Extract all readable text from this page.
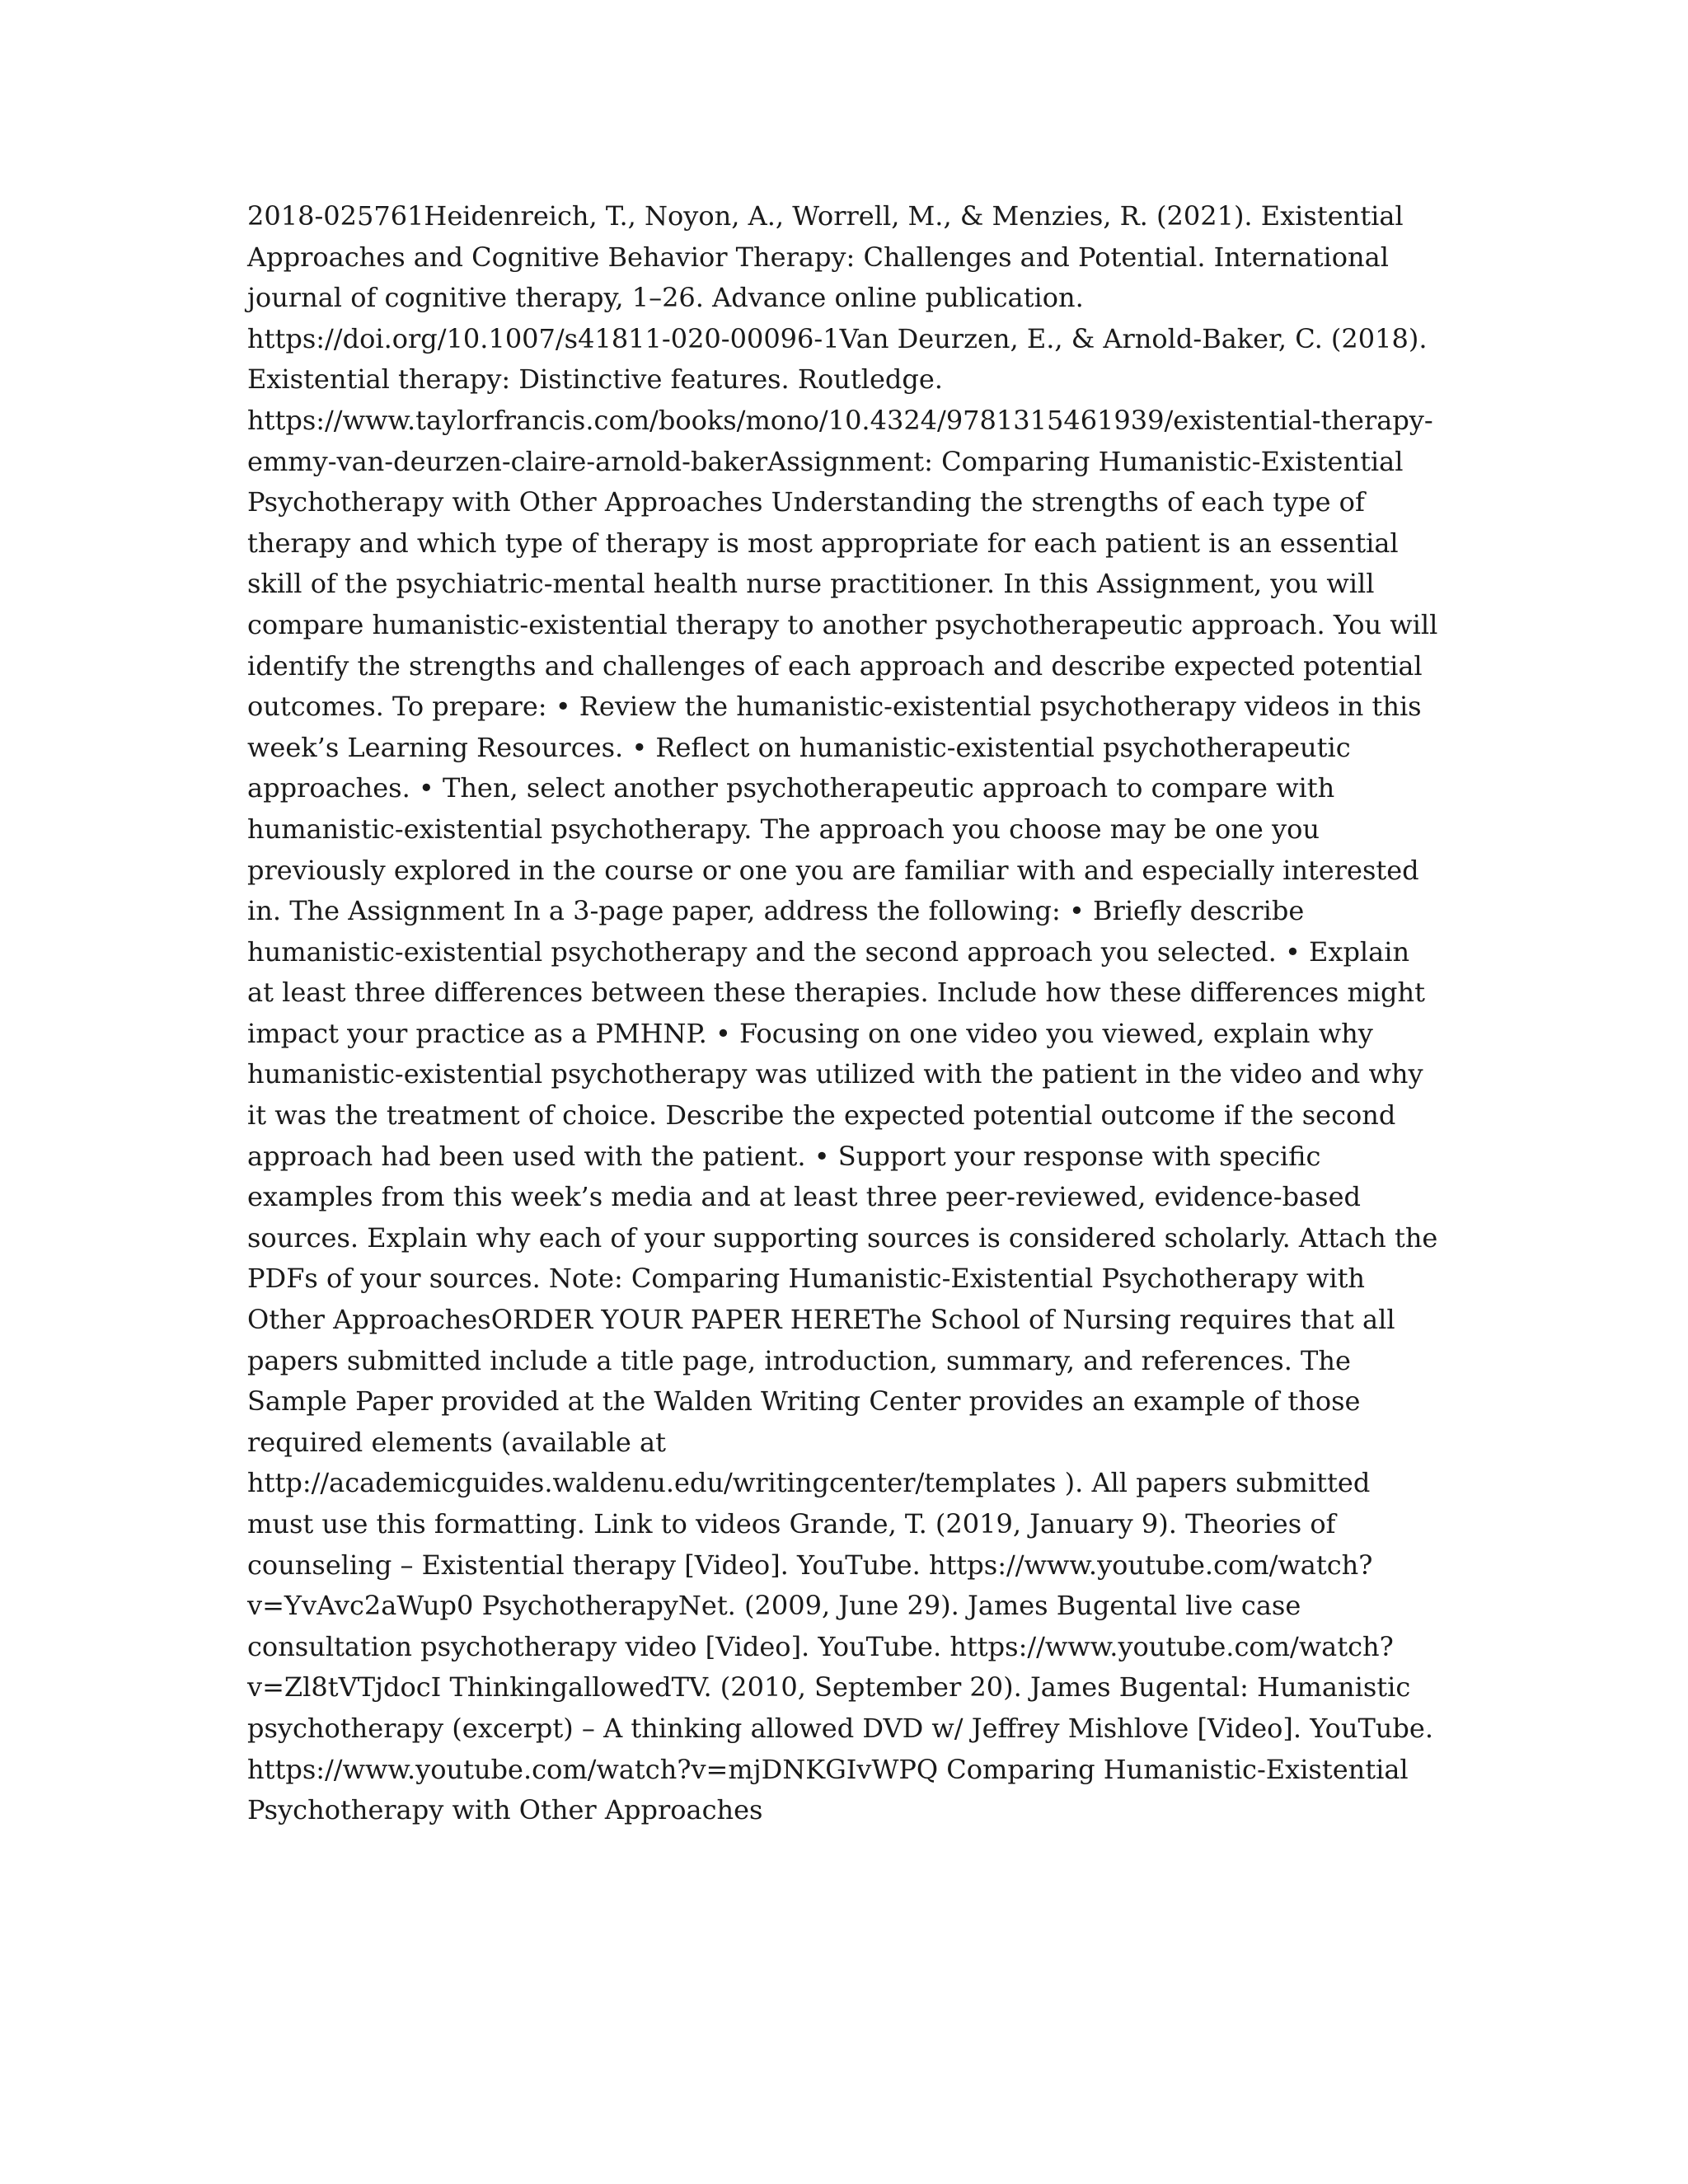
2018-025761Heidenreich, T., Noyon, A., Worrell, M., & Menzies, R. (2021). Existential Approaches and Cognitive Behavior Therapy: Challenges and Potential. International journal of cognitive therapy, 1–26. Advance online publication. https://doi.org/10.1007/s41811-020-00096-1Van Deurzen, E., & Arnold-Baker, C. (2018). Existential therapy: Distinctive features. Routledge. https://www.taylorfrancis.com/books/mono/10.4324/9781315461939/existential-therapy-emmy-van-deurzen-claire-arnold-bakerAssignment: Comparing Humanistic-Existential Psychotherapy with Other Approaches Understanding the strengths of each type of therapy and which type of therapy is most appropriate for each patient is an essential skill of the psychiatric-mental health nurse practitioner. In this Assignment, you will compare humanistic-existential therapy to another psychotherapeutic approach. You will identify the strengths and challenges of each approach and describe expected potential outcomes. To prepare: • Review the humanistic-existential psychotherapy videos in this week’s Learning Resources. • Reflect on humanistic-existential psychotherapeutic approaches. • Then, select another psychotherapeutic approach to compare with humanistic-existential psychotherapy. The approach you choose may be one you previously explored in the course or one you are familiar with and especially interested in. The Assignment In a 3-page paper, address the following: • Briefly describe humanistic-existential psychotherapy and the second approach you selected. • Explain at least three differences between these therapies. Include how these differences might impact your practice as a PMHNP. • Focusing on one video you viewed, explain why humanistic-existential psychotherapy was utilized with the patient in the video and why it was the treatment of choice. Describe the expected potential outcome if the second approach had been used with the patient. • Support your response with specific examples from this week’s media and at least three peer-reviewed, evidence-based sources. Explain why each of your supporting sources is considered scholarly. Attach the PDFs of your sources. Note: Comparing Humanistic-Existential Psychotherapy with Other ApproachesORDER YOUR PAPER HEREThe School of Nursing requires that all papers submitted include a title page, introduction, summary, and references. The Sample Paper provided at the Walden Writing Center provides an example of those required elements (available at http://academicguides.waldenu.edu/writingcenter/templates ). All papers submitted must use this formatting. Link to videos Grande, T. (2019, January 9). Theories of counseling – Existential therapy [Video]. YouTube. https://www.youtube.com/watch?v=YvAvc2aWup0 PsychotherapyNet. (2009, June 29). James Bugental live case consultation psychotherapy video [Video]. YouTube. https://www.youtube.com/watch?v=Zl8tVTjdocI ThinkingallowedTV. (2010, September 20). James Bugental: Humanistic psychotherapy (excerpt) – A thinking allowed DVD w/ Jeffrey Mishlove [Video]. YouTube. https://www.youtube.com/watch?v=mjDNKGIvWPQ Comparing Humanistic-Existential Psychotherapy with Other Approaches
